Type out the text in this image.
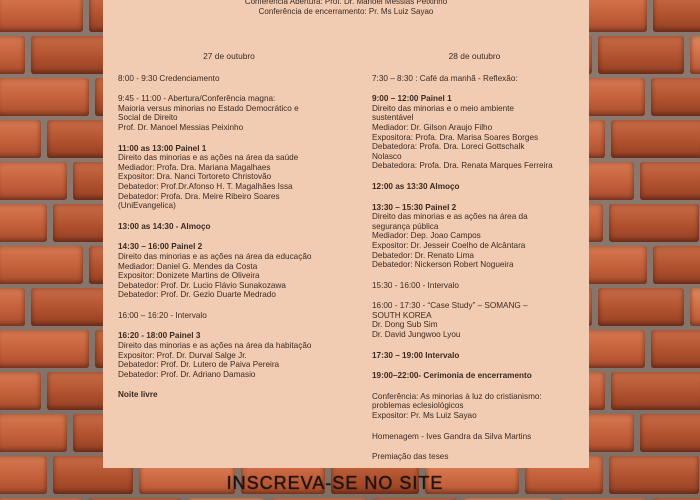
Conferência Abertura: Prof. Dr. Manoel Messias Peixinho
Conferência de encerramento: Pr. Ms Luiz Sayao
27 de outubro
8:00 - 9:30 Credenciamento
9:45 - 11:00 - Abertura/Conferência magna:
Maioria versus minorias no Estado Democrático e
Social de Direito
Prof. Dr. Manoel Messias Peixinho
11:00 as 13:00 Painel 1
Direito das minorias e as ações na área da saúde
Mediador: Profa. Dra. Mariana Magalhaes
Expositor: Dra. Nanci Tortoreto Christovão
Debatedor: Prof.Dr.Afonso H. T. Magalhães Issa
Debatedor: Profa. Dra. Meire Ribeiro Soares
(UniEvangelica)
13:00 as 14:30 - Almoço
14:30 – 16:00 Painel 2
Direito das minorias e as ações na área da educação
Mediador: Daniel G. Mendes da Costa
Expositor: Donizete Martins de Oliveira
Debatedor: Prof. Dr. Lucio Flávio Sunakozawa
Debatedor: Prof. Dr. Gezio Duarte Medrado
16:00 – 16:20 - Intervalo
16:20 - 18:00 Painel 3
Direito das minorias e as ações na área da habitação
Expositor: Prof. Dr. Durval Salge Jr.
Debatedor: Prof. Dr. Lutero de Paiva Pereira
Debatedor: Prof. Dr. Adriano Damasio
Noite livre
28 de outubro
7:30 – 8:30 : Café da manhã - Reflexão:
9:00 – 12:00 Painel 1
Direito das minorias e o meio ambiente
sustentável
Mediador: Dr. Gilson Araujo Filho
Expositora: Profa. Dra. Marisa Soares Borges
Debatedora: Profa. Dra. Loreci Gottschalk
Nolasco
Debatedora: Profa. Dra. Renata Marques Ferreira
12:00 as 13:30 Almoço
13:30 – 15:30 Painel 2
Direito das minorias e as ações na área da
segurança pública
Mediador: Dep. Joao Campos
Expositor: Dr. Jesseir Coelho de Alcântara
Debatedor: Dr. Renato Lima
Debatedor: Nickerson Robert Nogueira
15:30 - 16:00 - Intervalo
16:00 - 17:30 - “Case Study” – SOMANG –
SOUTH KOREA
Dr. Dong Sub Sim
Dr. David Jungwoo Lyou
17:30 – 19:00 Intervalo
19:00–22:00- Cerimonia de encerramento
Conferência: As minorias à luz do cristianismo:
problemas eclesiológicos
Expositor: Pr. Ms Luiz Sayao
Homenagem - Ives Gandra da Silva Martins
Premiação das teses
INSCREVA-SE NO SITE
